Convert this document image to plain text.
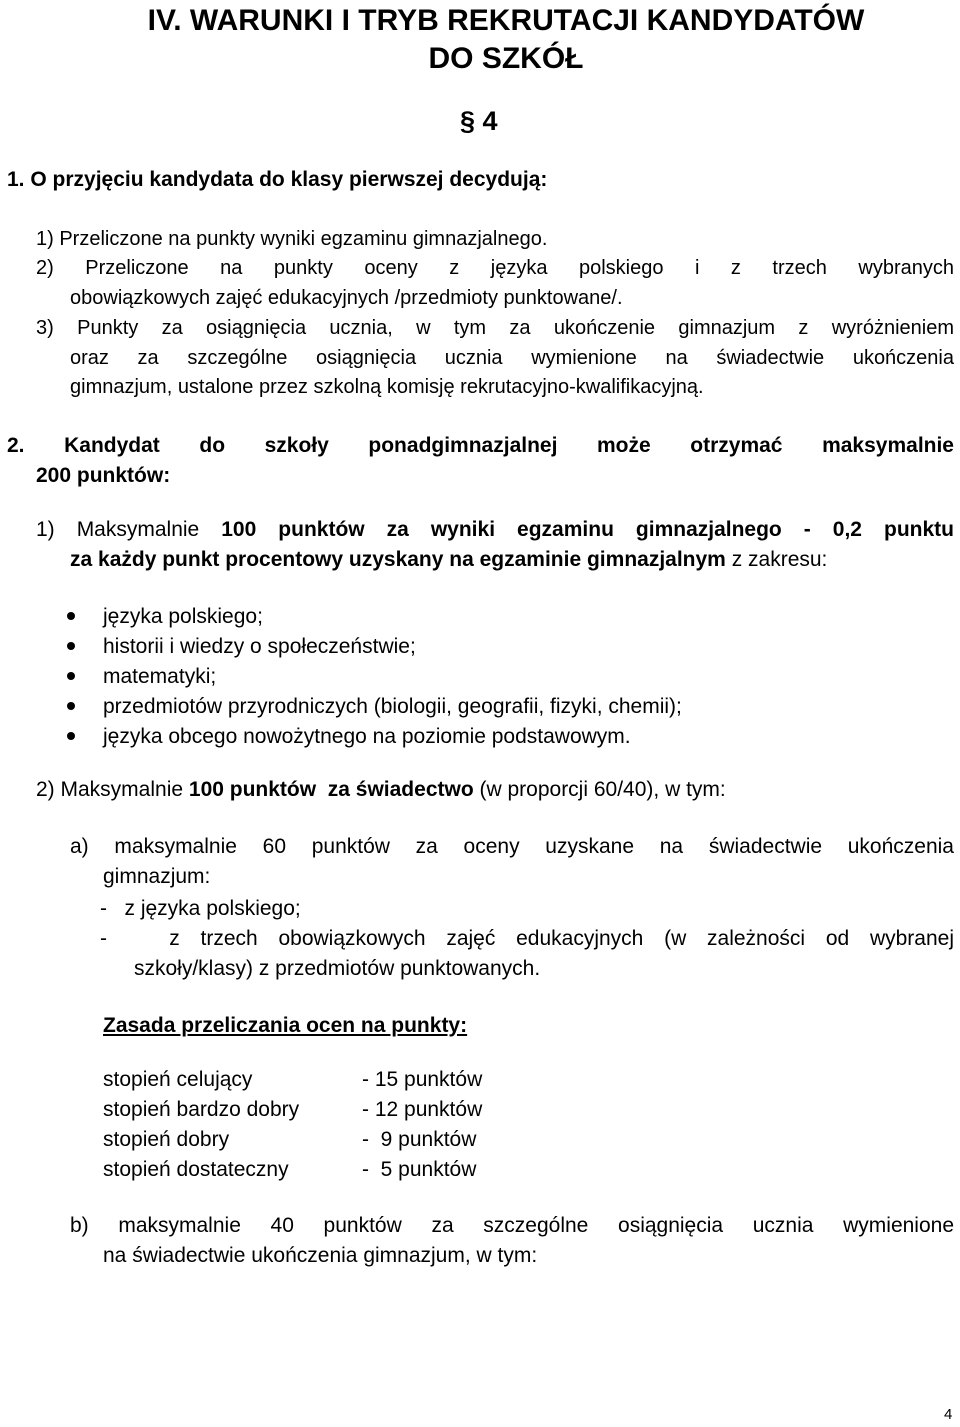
IV. WARUNKI I TRYB REKRUTACJI KANDYDATÓW
DO SZKÓŁ
§ 4
1. O przyjęciu kandydata do klasy pierwszej decydują:
1) Przeliczone na punkty wyniki egzaminu gimnazjalnego.
2) Przeliczone na punkty oceny z języka polskiego i z trzech wybranych
obowiązkowych zajęć edukacyjnych /przedmioty punktowane/.
3) Punkty za osiągnięcia ucznia, w tym za ukończenie gimnazjum z wyróżnieniem
oraz za szczególne osiągnięcia ucznia wymienione na świadectwie ukończenia
gimnazjum, ustalone przez szkolną komisję rekrutacyjno-kwalifikacyjną.
2. Kandydat do szkoły ponadgimnazjalnej może otrzymać maksymalnie
200 punktów:
1) Maksymalnie 100 punktów za wyniki egzaminu gimnazjalnego - 0,2 punktu
za każdy punkt procentowy uzyskany na egzaminie gimnazjalnym z zakresu:
języka polskiego;
historii i wiedzy o społeczeństwie;
matematyki;
przedmiotów przyrodniczych (biologii, geografii, fizyki, chemii);
języka obcego nowożytnego na poziomie podstawowym.
2) Maksymalnie 100 punktów za świadectwo (w proporcji 60/40), w tym:
a) maksymalnie 60 punktów za oceny uzyskane na świadectwie ukończenia
gimnazjum:
-   z języka polskiego;
-   z trzech obowiązkowych zajęć edukacyjnych (w zależności od wybranej
szkoły/klasy) z przedmiotów punktowanych.
Zasada przeliczania ocen na punkty:
stopień celujący	- 15 punktów
stopień bardzo dobry	- 12 punktów
stopień dobry	-  9 punktów
stopień dostateczny	-  5 punktów
b) maksymalnie 40 punktów za szczególne osiągnięcia ucznia wymienione
na świadectwie ukończenia gimnazjum, w tym:
4
